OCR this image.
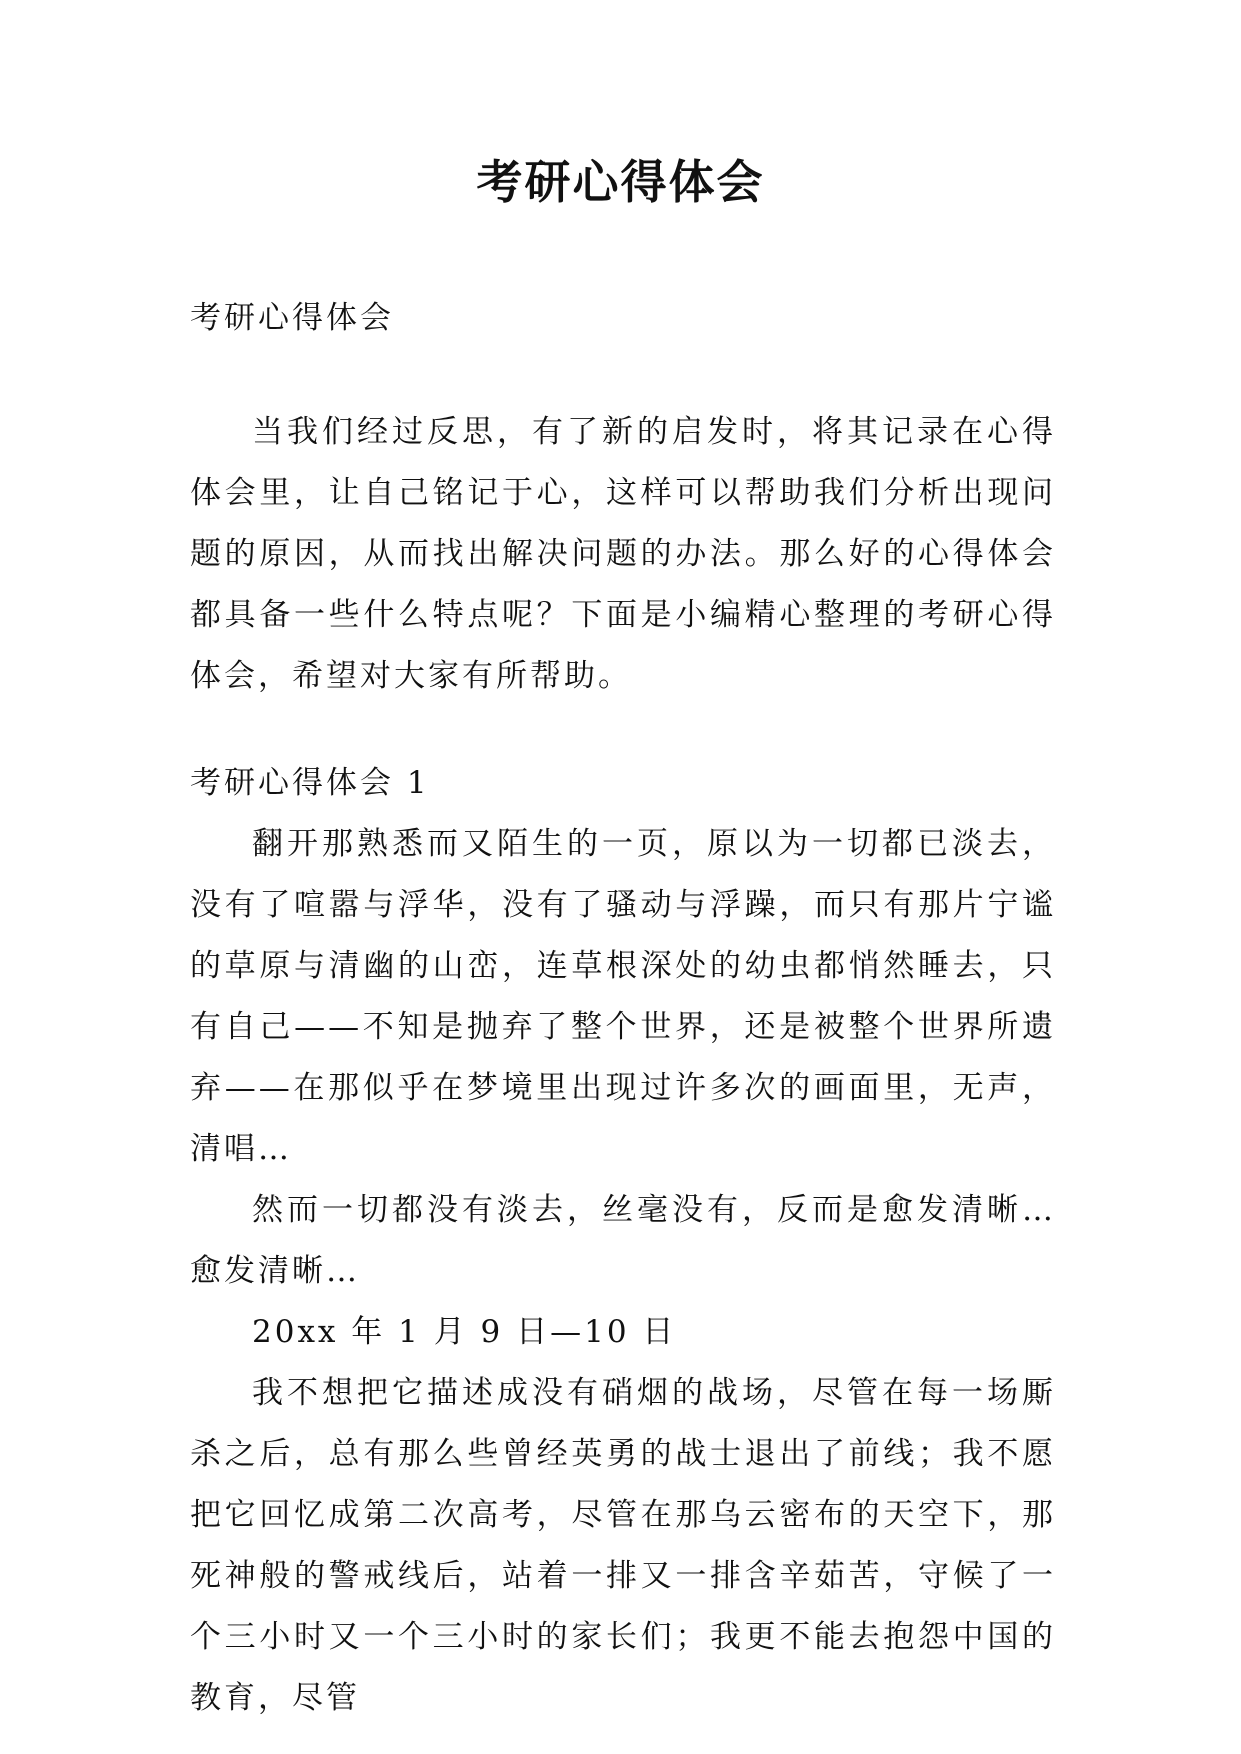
考研心得体会
考研心得体会

当我们经过反思，有了新的启发时，将其记录在心得体会里，让自己铭记于心，这样可以帮助我们分析出现问题的原因，从而找出解决问题的办法。那么好的心得体会都具备一些什么特点呢？下面是小编精心整理的考研心得体会，希望对大家有所帮助。

考研心得体会 1

翻开那熟悉而又陌生的一页，原以为一切都已淡去，没有了喧嚣与浮华，没有了骚动与浮躁，而只有那片宁谧的草原与清幽的山峦，连草根深处的幼虫都悄然睡去，只有自己——不知是抛弃了整个世界，还是被整个世界所遗弃——在那似乎在梦境里出现过许多次的画面里，无声，清唱…

然而一切都没有淡去，丝毫没有，反而是愈发清晰…愈发清晰…

20xx 年 1 月 9 日—10 日

我不想把它描述成没有硝烟的战场，尽管在每一场厮杀之后，总有那么些曾经英勇的战士退出了前线；我不愿把它回忆成第二次高考，尽管在那乌云密布的天空下，那死神般的警戒线后，站着一排又一排含辛茹苦，守候了一个三小时又一个三小时的家长们；我更不能去抱怨中国的教育，尽管
